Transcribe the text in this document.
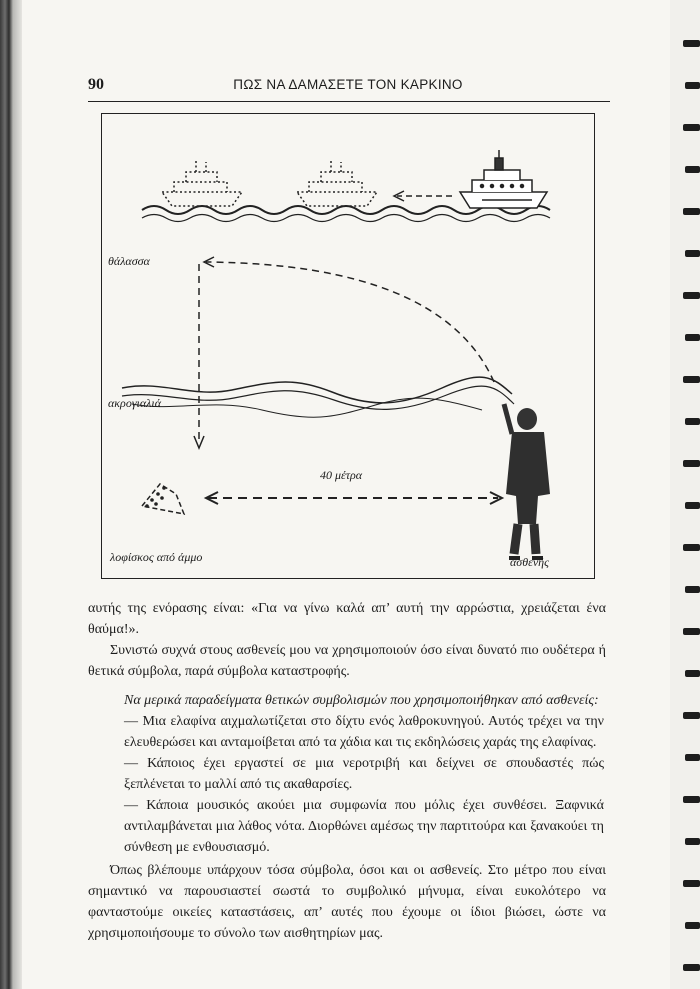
90	ΠΩΣ ΝΑ ΔΑΜΑΣΕΤΕ ΤΟΝ ΚΑΡΚΙΝΟ
θάλασσα
ακρογιαλιά
40 μέτρα
λοφίσκος από άμμο	ασθενής

αυτής της ενόρασης είναι: «Για να γίνω καλά απ’ αυτή την αρρώστια, χρειάζεται ένα θαύμα!».

Συνιστώ συχνά στους ασθενείς μου να χρησιμοποιούν όσο είναι δυνατό πιο ουδέτερα ή θετικά σύμβολα, παρά σύμβολα καταστροφής.

Να μερικά παραδείγματα θετικών συμβολισμών που χρησιμοποιήθηκαν από ασθενείς:

— Μια ελαφίνα αιχμαλωτίζεται στο δίχτυ ενός λαθροκυνηγού. Αυτός τρέχει να την ελευθερώσει και ανταμοίβεται από τα χάδια και τις εκδηλώσεις χαράς της ελαφίνας.

— Κάποιος έχει εργαστεί σε μια νεροτριβή και δείχνει σε σπουδαστές πώς ξεπλένεται το μαλλί από τις ακαθαρσίες.

— Κάποια μουσικός ακούει μια συμφωνία που μόλις έχει συνθέσει. Ξαφνικά αντιλαμβάνεται μια λάθος νότα. Διορθώνει αμέσως την παρτιτούρα και ξανακούει τη σύνθεση με ενθουσιασμό.

Όπως βλέπουμε υπάρχουν τόσα σύμβολα, όσοι και οι ασθενείς. Στο μέτρο που είναι σημαντικό να παρουσιαστεί σωστά το συμβολικό μήνυμα, είναι ευκολότερο να φανταστούμε οικείες καταστάσεις, απ’ αυτές που έχουμε οι ίδιοι βιώσει, ώστε να χρησιμοποιήσουμε το σύνολο των αισθητηρίων μας.
